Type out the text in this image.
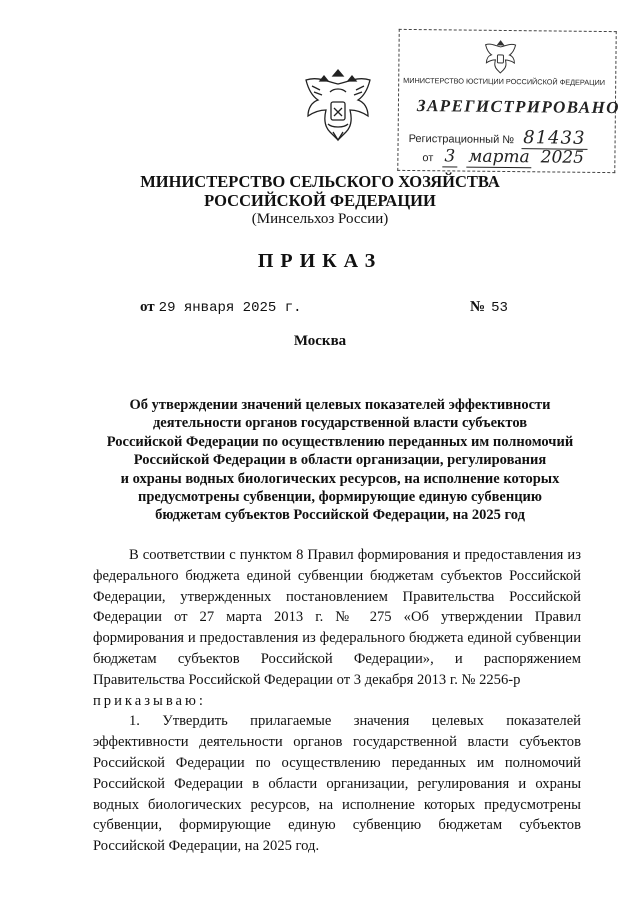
МИНИСТЕРСТВО ЮСТИЦИИ РОССИЙСКОЙ ФЕДЕРАЦИИ
ЗАРЕГИСТРИРОВАНО
Регистрационный № 81433
от 3 марта 2025
МИНИСТЕРСТВО СЕЛЬСКОГО ХОЗЯЙСТВА
РОССИЙСКОЙ ФЕДЕРАЦИИ
(Минсельхоз России)
ПРИКАЗ
от 29 января 2025 г.	№ 53
Москва
Об утверждении значений целевых показателей эффективности
деятельности органов государственной власти субъектов
Российской Федерации по осуществлению переданных им полномочий
Российской Федерации в области организации, регулирования
и охраны водных биологических ресурсов, на исполнение которых
предусмотрены субвенции, формирующие единую субвенцию
бюджетам субъектов Российской Федерации, на 2025 год

В соответствии с пунктом 8 Правил формирования и предоставления из федерального бюджета единой субвенции бюджетам субъектов Российской Федерации, утвержденных постановлением Правительства Российской Федерации от 27 марта 2013 г. № 275 «Об утверждении Правил формирования и предоставления из федерального бюджета единой субвенции бюджетам субъектов Российской Федерации», и распоряжением Правительства Российской Федерации от 3 декабря 2013 г. № 2256-р

приказываю:

1. Утвердить прилагаемые значения целевых показателей эффективности деятельности органов государственной власти субъектов Российской Федерации по осуществлению переданных им полномочий Российской Федерации в области организации, регулирования и охраны водных биологических ресурсов, на исполнение которых предусмотрены субвенции, формирующие единую субвенцию бюджетам субъектов Российской Федерации, на 2025 год.
